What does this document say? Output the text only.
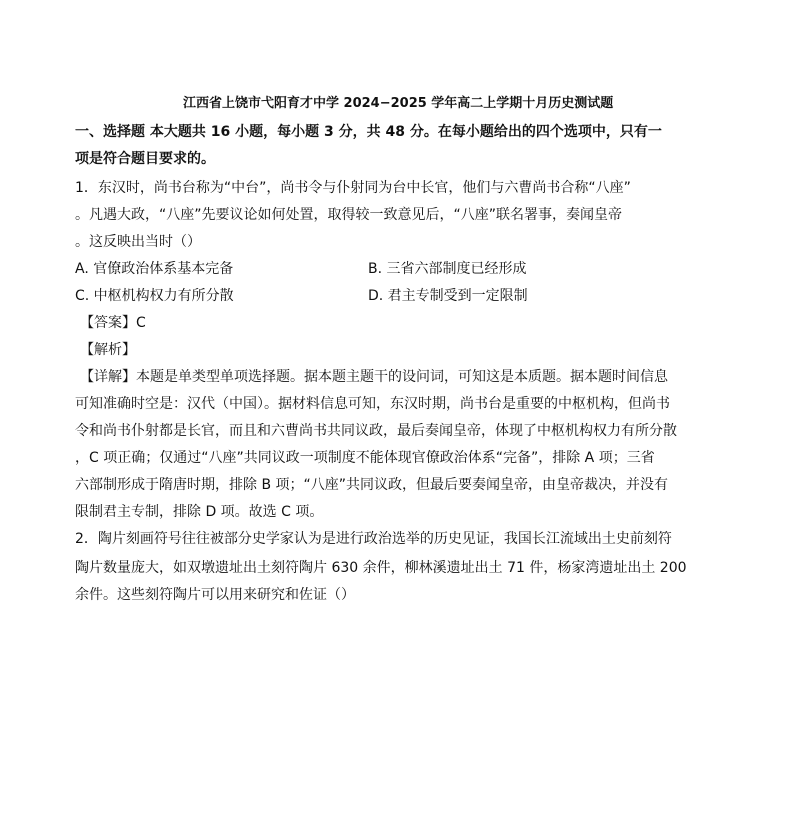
江西省上饶市弋阳育才中学 2024−2025 学年高二上学期十月历史测试题
一、选择题 本大题共 16 小题，每小题 3 分，共 48 分。在每小题给出的四个选项中，只有一
项是符合题目要求的。
1．东汉时，尚书台称为“中台”，尚书令与仆射同为台中长官，他们与六曹尚书合称“八座”
。凡遇大政，“八座”先要议论如何处置，取得较一致意见后，“八座”联名署事，奏闻皇帝
。这反映出当时（）
A. 官僚政治体系基本完备	B. 三省六部制度已经形成
C. 中枢机构权力有所分散	D. 君主专制受到一定限制
【答案】C
【解析】
【详解】本题是单类型单项选择题。据本题主题干的设问词，可知这是本质题。据本题时间信息
可知准确时空是：汉代（中国）。据材料信息可知，东汉时期，尚书台是重要的中枢机构，但尚书
令和尚书仆射都是长官，而且和六曹尚书共同议政，最后奏闻皇帝，体现了中枢机构权力有所分散
，C 项正确；仅通过“八座”共同议政一项制度不能体现官僚政治体系“完备”，排除 A 项；三省
六部制形成于隋唐时期，排除 B 项；“八座”共同议政，但最后要奏闻皇帝，由皇帝裁决，并没有
限制君主专制，排除 D 项。故选 C 项。
2．陶片刻画符号往往被部分史学家认为是进行政治选举的历史见证，我国长江流域出土史前刻符
陶片数量庞大，如双墩遗址出土刻符陶片 630 余件，柳林溪遗址出土 71 件，杨家湾遗址出土 200
余件。这些刻符陶片可以用来研究和佐证（）
